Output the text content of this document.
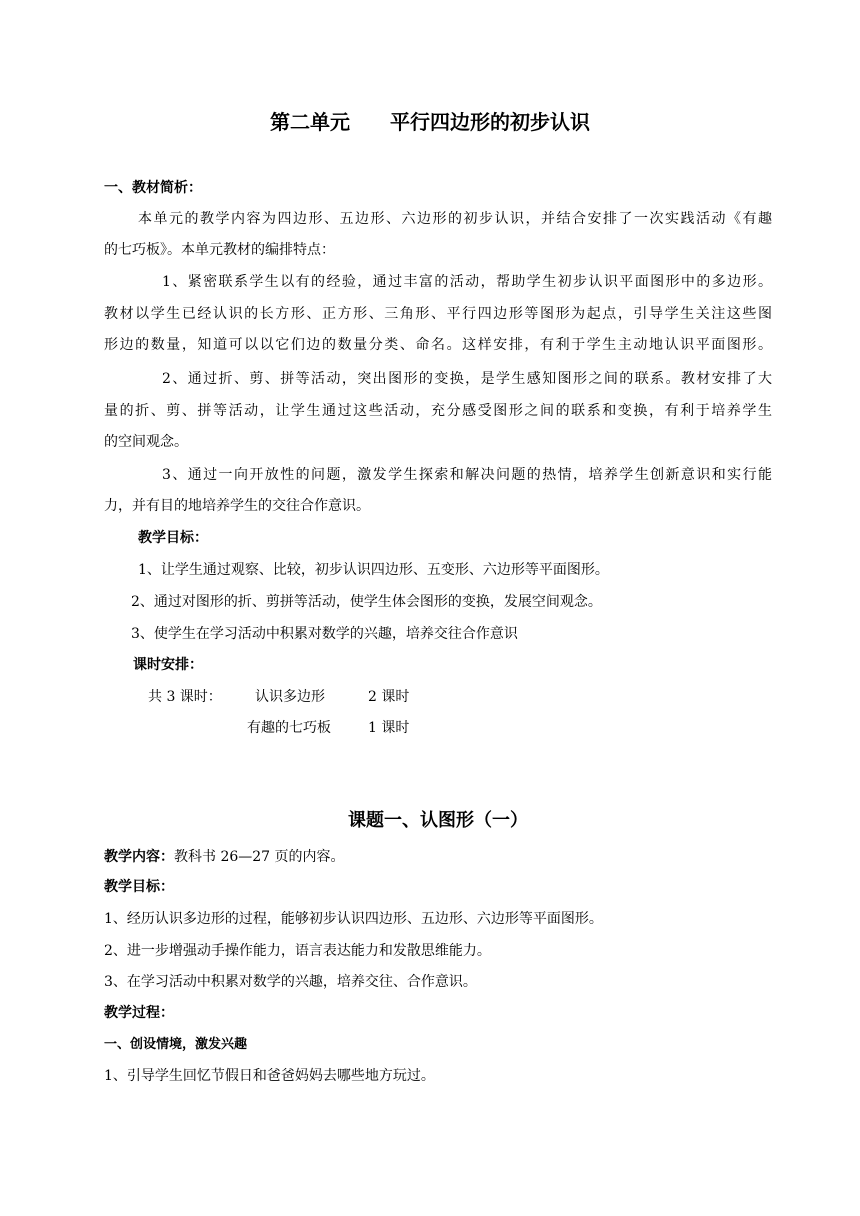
第二单元　　平行四边形的初步认识
一、教材简析：
本单元的教学内容为四边形、五边形、六边形的初步认识，并结合安排了一次实践活动《有趣
的七巧板》。本单元教材的编排特点：
1、紧密联系学生以有的经验，通过丰富的活动，帮助学生初步认识平面图形中的多边形。
教材以学生已经认识的长方形、正方形、三角形、平行四边形等图形为起点，引导学生关注这些图
形边的数量，知道可以以它们边的数量分类、命名。这样安排，有利于学生主动地认识平面图形。
2、通过折、剪、拼等活动，突出图形的变换，是学生感知图形之间的联系。教材安排了大
量的折、剪、拼等活动，让学生通过这些活动，充分感受图形之间的联系和变换，有利于培养学生
的空间观念。
3、通过一向开放性的问题，激发学生探索和解决问题的热情，培养学生创新意识和实行能
力，并有目的地培养学生的交往合作意识。
教学目标：
1、让学生通过观察、比较，初步认识四边形、五变形、六边形等平面图形。
2、通过对图形的折、剪拼等活动，使学生体会图形的变换，发展空间观念。
3、使学生在学习活动中积累对数学的兴趣，培养交往合作意识
课时安排：
共 3 课时： 认识多边形	2 课时
有趣的七巧板	1 课时
课题一、认图形（一）
教学内容：教科书 26—27 页的内容。
教学目标：
1、经历认识多边形的过程，能够初步认识四边形、五边形、六边形等平面图形。
2、进一步增强动手操作能力，语言表达能力和发散思维能力。
3、在学习活动中积累对数学的兴趣，培养交往、合作意识。
教学过程：
一、创设情境，激发兴趣
1、引导学生回忆节假日和爸爸妈妈去哪些地方玩过。
